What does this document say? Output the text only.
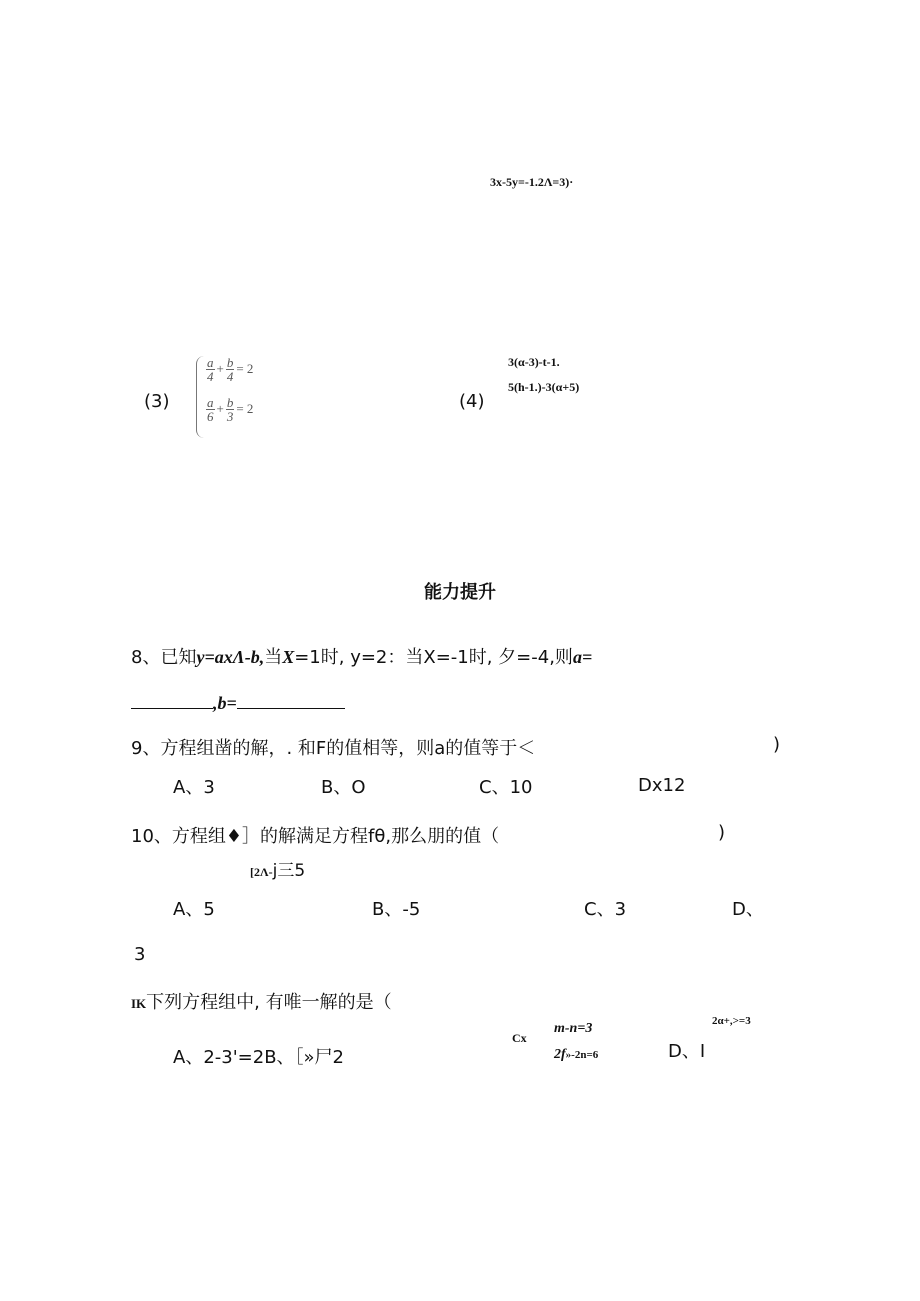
3x-5y=-1.2Λ=3)·
(3)
$\frac{a}{4} + \frac{b}{4} = 2$
$\frac{a}{6} + \frac{b}{3} = 2$	(4)
3(α-3)-t-1.
5(h-1.)-3(α+5)
能力提升
8、已知y=axΛ-b,当X=1时, y=2：当X=-1时, 夕=-4,则a=
,b=
9、方程组凿的解，. 和F的值相等，则a的值等于＜	)
A、3	B、O	C、10	Dx12
10、方程组♦］的解满足方程fθ,那么朋的值（	)
[2Λ-j三5
A、5	B、-5	C、3	D、
3
IK下列方程组中, 有唯一解的是（
A、2-3'=2B、［»尸2
Cx
m-n=3
2f»-2n=6
2α+,>=3
D、I
